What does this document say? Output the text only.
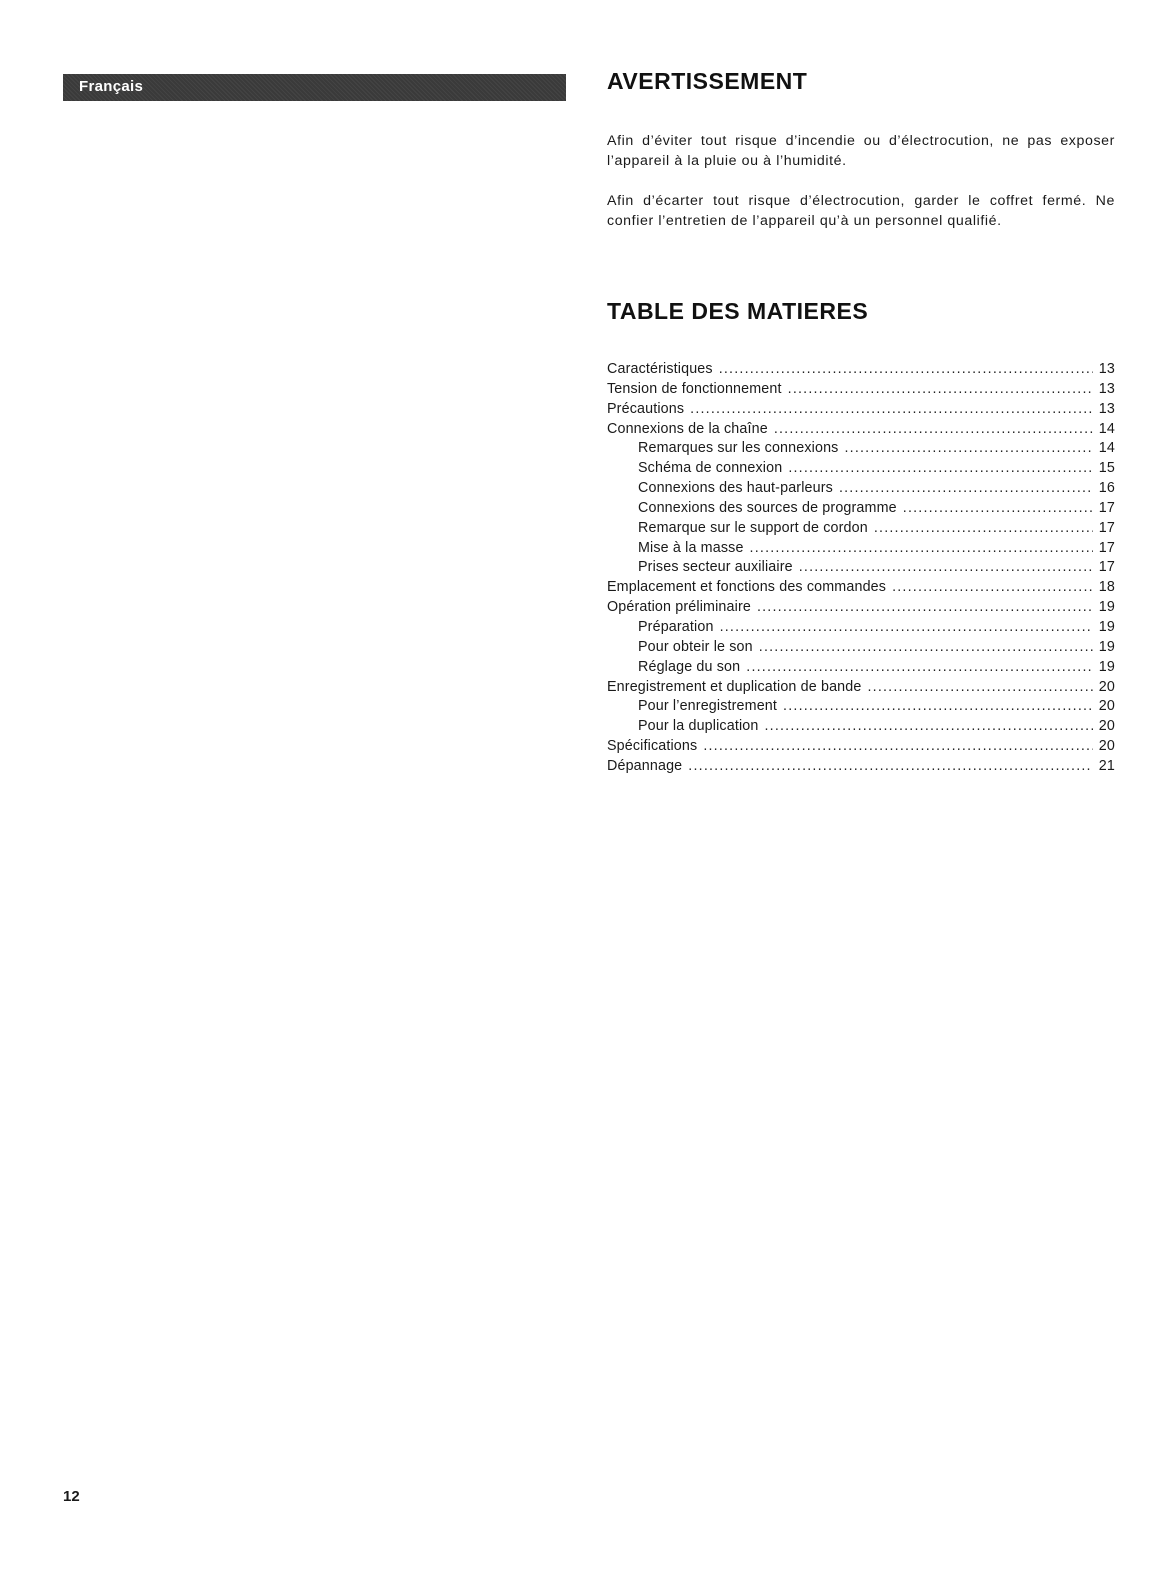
Français	AVERTISSEMENT

Afin d’éviter tout risque d’incendie ou d’électrocution, ne pas exposer l’appareil à la pluie ou à l’humidité.

Afin d’écarter tout risque d’électrocution, garder le coffret fermé. Ne confier l’entretien de l’appareil qu’à un personnel qualifié.

TABLE DES MATIERES
Caractéristiques .....	13
Tension de fonctionnement .....	13
Précautions .....	13
Connexions de la chaîne .....	14
Remarques sur les connexions .....	14
Schéma de connexion .....	15
Connexions des haut-parleurs .....	16
Connexions des sources de programme .....	17
Remarque sur le support de cordon .....	17
Mise à la masse .....	17
Prises secteur auxiliaire .....	17
Emplacement et fonctions des commandes .....	18
Opération préliminaire .....	19
Préparation .....	19
Pour obteir le son .....	19
Réglage du son .....	19
Enregistrement et duplication de bande .....	20
Pour l’enregistrement .....	20
Pour la duplication .....	20
Spécifications .....	20
Dépannage .....	21
12
